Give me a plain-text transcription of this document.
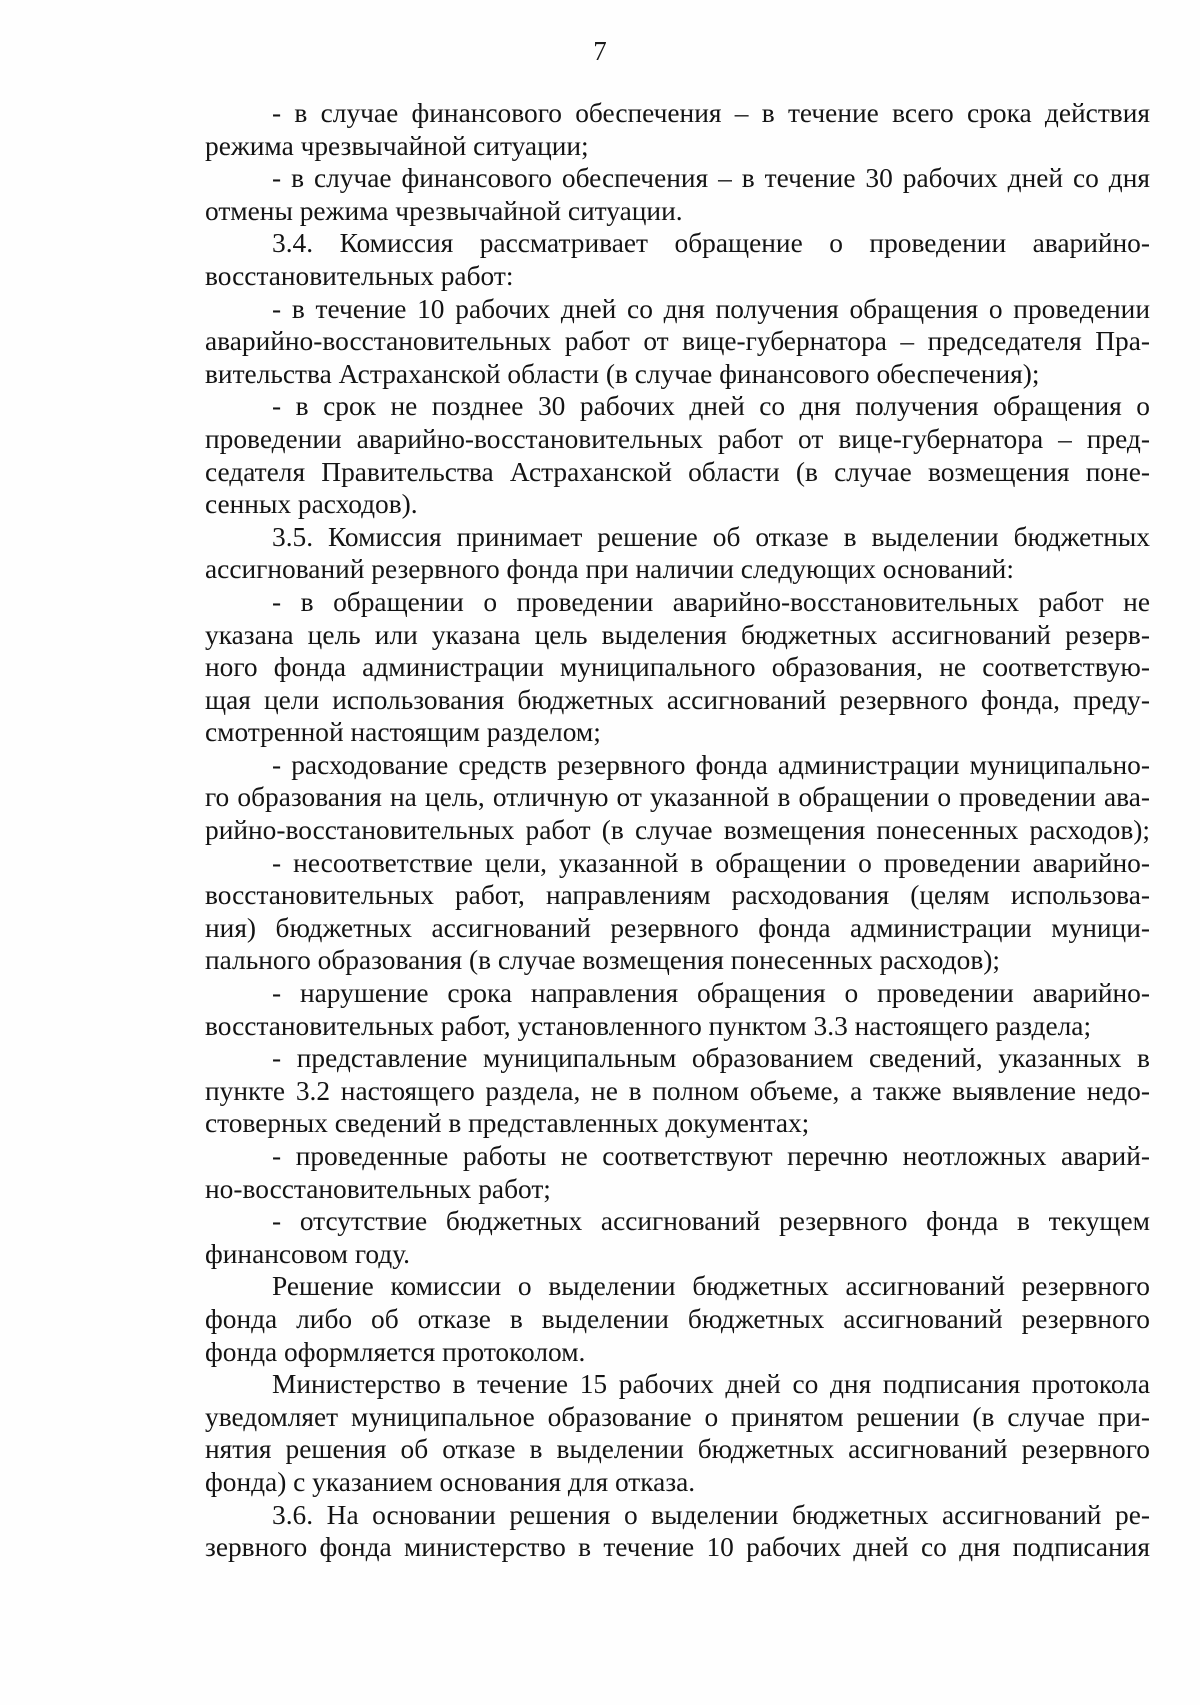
7
- в случае финансового обеспечения – в течение всего срока действия
режима чрезвычайной ситуации;
- в случае финансового обеспечения – в течение 30 рабочих дней со дня
отмены режима чрезвычайной ситуации.
3.4. Комиссия рассматривает обращение о проведении аварийно-
восстановительных работ:
- в течение 10 рабочих дней со дня получения обращения о проведении
аварийно-восстановительных работ от вице-губернатора – председателя Пра-
вительства Астраханской области (в случае финансового обеспечения);
- в срок не позднее 30 рабочих дней со дня получения обращения о
проведении аварийно-восстановительных работ от вице-губернатора – пред-
седателя Правительства Астраханской области (в случае возмещения поне-
сенных расходов).
3.5. Комиссия принимает решение об отказе в выделении бюджетных
ассигнований резервного фонда при наличии следующих оснований:
- в обращении о проведении аварийно-восстановительных работ не
указана цель или указана цель выделения бюджетных ассигнований резерв-
ного фонда администрации муниципального образования, не соответствую-
щая цели использования бюджетных ассигнований резервного фонда, преду-
смотренной настоящим разделом;
- расходование средств резервного фонда администрации муниципально-
го образования на цель, отличную от указанной в обращении о проведении ава-
рийно-восстановительных работ (в случае возмещения понесенных расходов);
- несоответствие цели, указанной в обращении о проведении аварийно-
восстановительных работ, направлениям расходования (целям использова-
ния) бюджетных ассигнований резервного фонда администрации муници-
пального образования (в случае возмещения понесенных расходов);
- нарушение срока направления обращения о проведении аварийно-
восстановительных работ, установленного пунктом 3.3 настоящего раздела;
- представление муниципальным образованием сведений, указанных в
пункте 3.2 настоящего раздела, не в полном объеме, а также выявление недо-
стоверных сведений в представленных документах;
- проведенные работы не соответствуют перечню неотложных аварий-
но-восстановительных работ;
- отсутствие бюджетных ассигнований резервного фонда в текущем
финансовом году.
Решение комиссии о выделении бюджетных ассигнований резервного
фонда либо об отказе в выделении бюджетных ассигнований резервного
фонда оформляется протоколом.
Министерство в течение 15 рабочих дней со дня подписания протокола
уведомляет муниципальное образование о принятом решении (в случае при-
нятия решения об отказе в выделении бюджетных ассигнований резервного
фонда) с указанием основания для отказа.
3.6. На основании решения о выделении бюджетных ассигнований ре-
зервного фонда министерство в течение 10 рабочих дней со дня подписания
